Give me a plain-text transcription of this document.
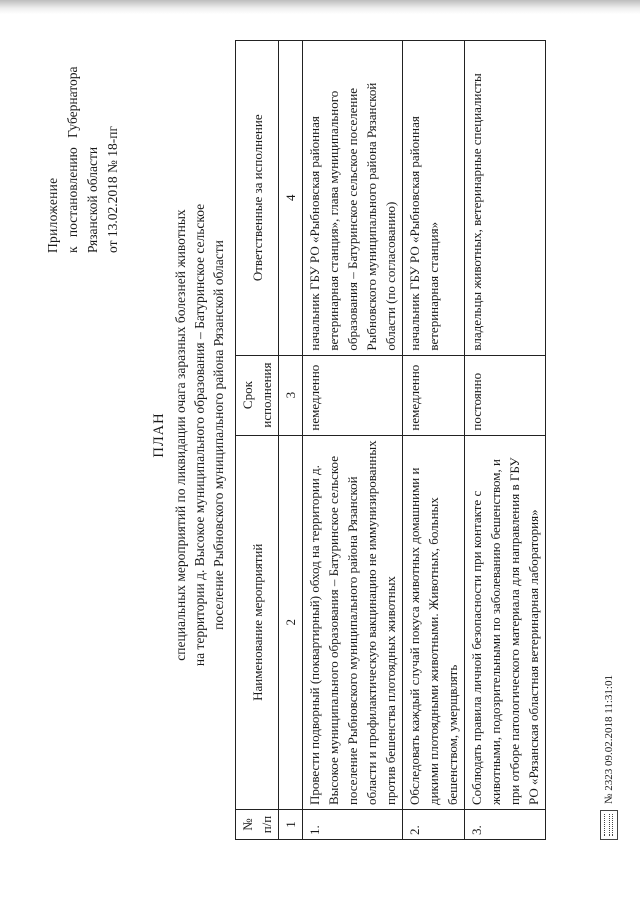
Приложение к постановлению Губернатора Рязанской области от 13.02.2018 № 18-пг
ПЛАН специальных мероприятий по ликвидации очага заразных болезней животных на территории д. Высокое муниципального образования – Батуринское сельское поселение Рыбновского муниципального района Рязанской области
№ п/п	Наименование мероприятий	Срок исполнения	Ответственные за исполнение
1	2	3	4
1.	Провести подворный (поквартирный) обход на территории д. Высокое муниципального образования – Батуринское сельское поселение Рыбновского муниципального района Рязанской области и профилактическую вакцинацию не иммунизированных против бешенства плотоядных животных	немедленно	начальник ГБУ РО «Рыбновская районная ветеринарная станция», глава муниципального образования – Батуринское сельское поселение Рыбновского муниципального района Рязанской области (по согласованию)
2.	Обследовать каждый случай покуса животных домашними и дикими плотоядными животными. Животных, больных бешенством, умерщвлять	немедленно	начальник ГБУ РО «Рыбновская районная ветеринарная станция»
3.	Соблюдать правила личной безопасности при контакте с животными, подозрительными по заболеванию бешенством, и при отборе патологического материала для направления в ГБУ РО «Рязанская областная ветеринарная лаборатория»	постоянно	владельцы животных, ветеринарные специалисты
№ 2323 09.02.2018 11:31:01
